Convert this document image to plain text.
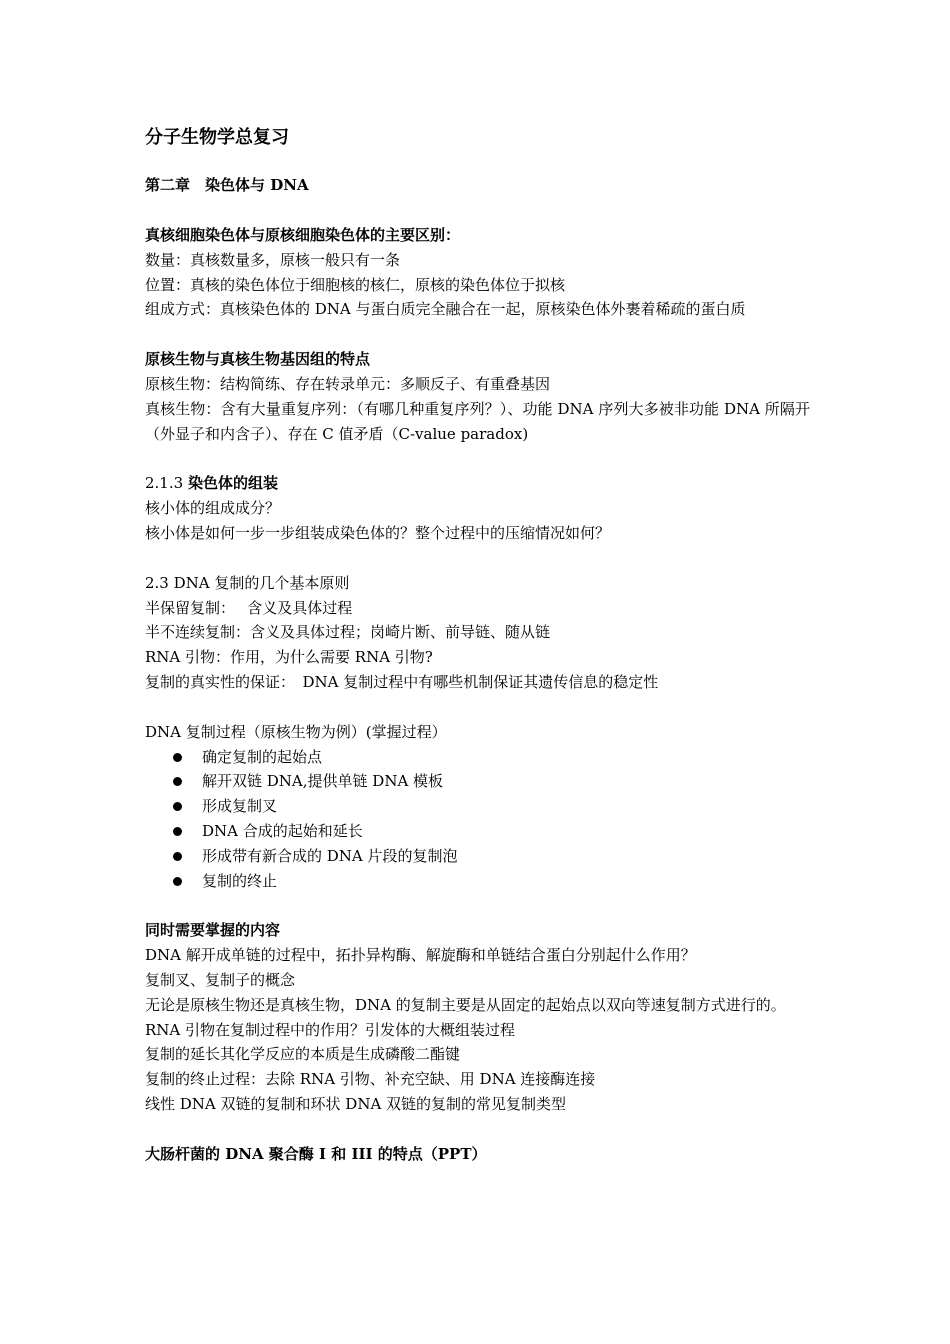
分子生物学总复习
第二章　染色体与 DNA
真核细胞染色体与原核细胞染色体的主要区别：
数量：真核数量多，原核一般只有一条
位置：真核的染色体位于细胞核的核仁，原核的染色体位于拟核
组成方式：真核染色体的 DNA 与蛋白质完全融合在一起，原核染色体外裹着稀疏的蛋白质
原核生物与真核生物基因组的特点
原核生物：结构简练、存在转录单元：多顺反子、有重叠基因
真核生物：含有大量重复序列：（有哪几种重复序列？）、功能 DNA 序列大多被非功能 DNA 所隔开（外显子和内含子）、存在 C 值矛盾（C-value paradox)
2.1.3 染色体的组装
核小体的组成成分？
核小体是如何一步一步组装成染色体的？整个过程中的压缩情况如何？
2.3 DNA 复制的几个基本原则
半保留复制：　 含义及具体过程
半不连续复制：含义及具体过程；岗崎片断、前导链、随从链
RNA 引物：作用，为什么需要 RNA 引物?
复制的真实性的保证：　DNA 复制过程中有哪些机制保证其遗传信息的稳定性
DNA 复制过程（原核生物为例）(掌握过程）
确定复制的起始点
解开双链 DNA,提供单链 DNA 模板
形成复制叉
DNA 合成的起始和延长
形成带有新合成的 DNA 片段的复制泡
复制的终止
同时需要掌握的内容
DNA 解开成单链的过程中，拓扑异构酶、解旋酶和单链结合蛋白分别起什么作用？
复制叉、复制子的概念
无论是原核生物还是真核生物，DNA 的复制主要是从固定的起始点以双向等速复制方式进行的。
RNA 引物在复制过程中的作用？引发体的大概组装过程
复制的延长其化学反应的本质是生成磷酸二酯键
复制的终止过程：去除 RNA 引物、补充空缺、用 DNA 连接酶连接
线性 DNA 双链的复制和环状 DNA 双链的复制的常见复制类型
大肠杆菌的 DNA 聚合酶 I 和 III 的特点（PPT）
